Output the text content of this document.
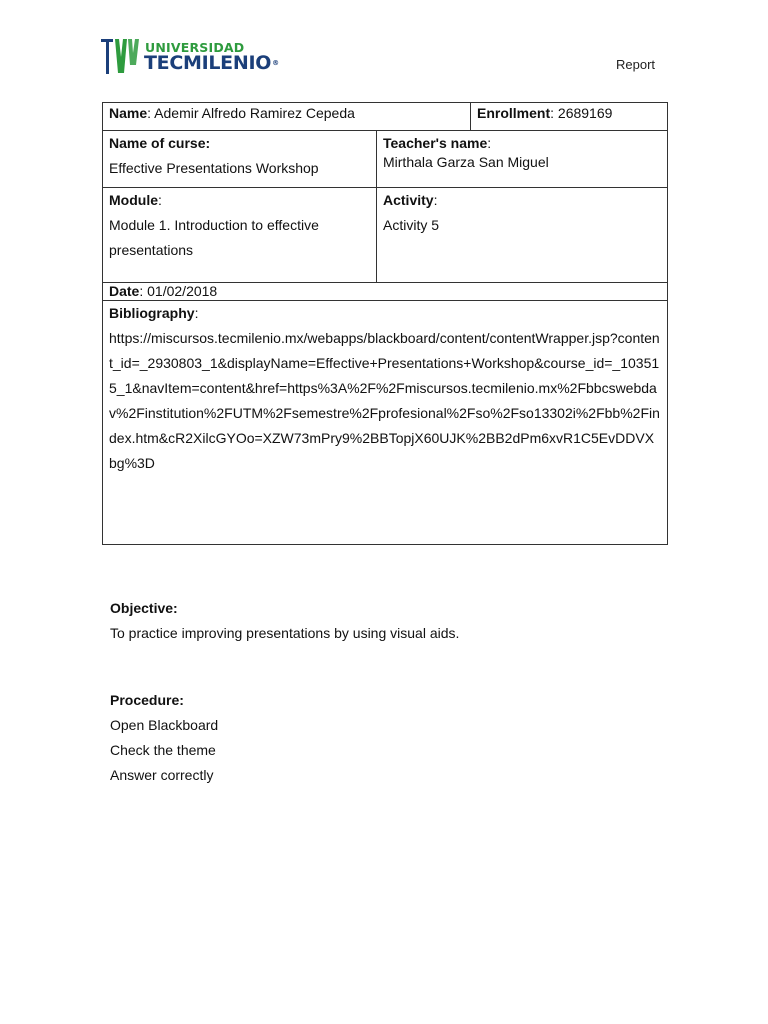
UNIVERSIDAD
TECMILENIO®	Report
Name: Ademir Alfredo Ramirez Cepeda	Enrollment: 2689169
Name of curse:
Effective Presentations Workshop
Teacher's name:
Mirthala Garza San Miguel
Module:
Module 1. Introduction to effective presentations
Activity:
Activity 5
Date: 01/02/2018
Bibliography:
https://miscursos.tecmilenio.mx/webapps/blackboard/content/contentWrapper.jsp?content_id=_2930803_1&displayName=Effective+Presentations+Workshop&course_id=_103515_1&navItem=content&href=https%3A%2F%2Fmiscursos.tecmilenio.mx%2Fbbcswebdav%2Finstitution%2FUTM%2Fsemestre%2Fprofesional%2Fso%2Fso13302i%2Fbb%2Findex.htm&cR2XilcGYOo=XZW73mPry9%2BBTopjX60UJK%2BB2dPm6xvR1C5EvDDVXbg%3D
Objective:
To practice improving presentations by using visual aids.
Procedure:
Open Blackboard
Check the theme
Answer correctly
